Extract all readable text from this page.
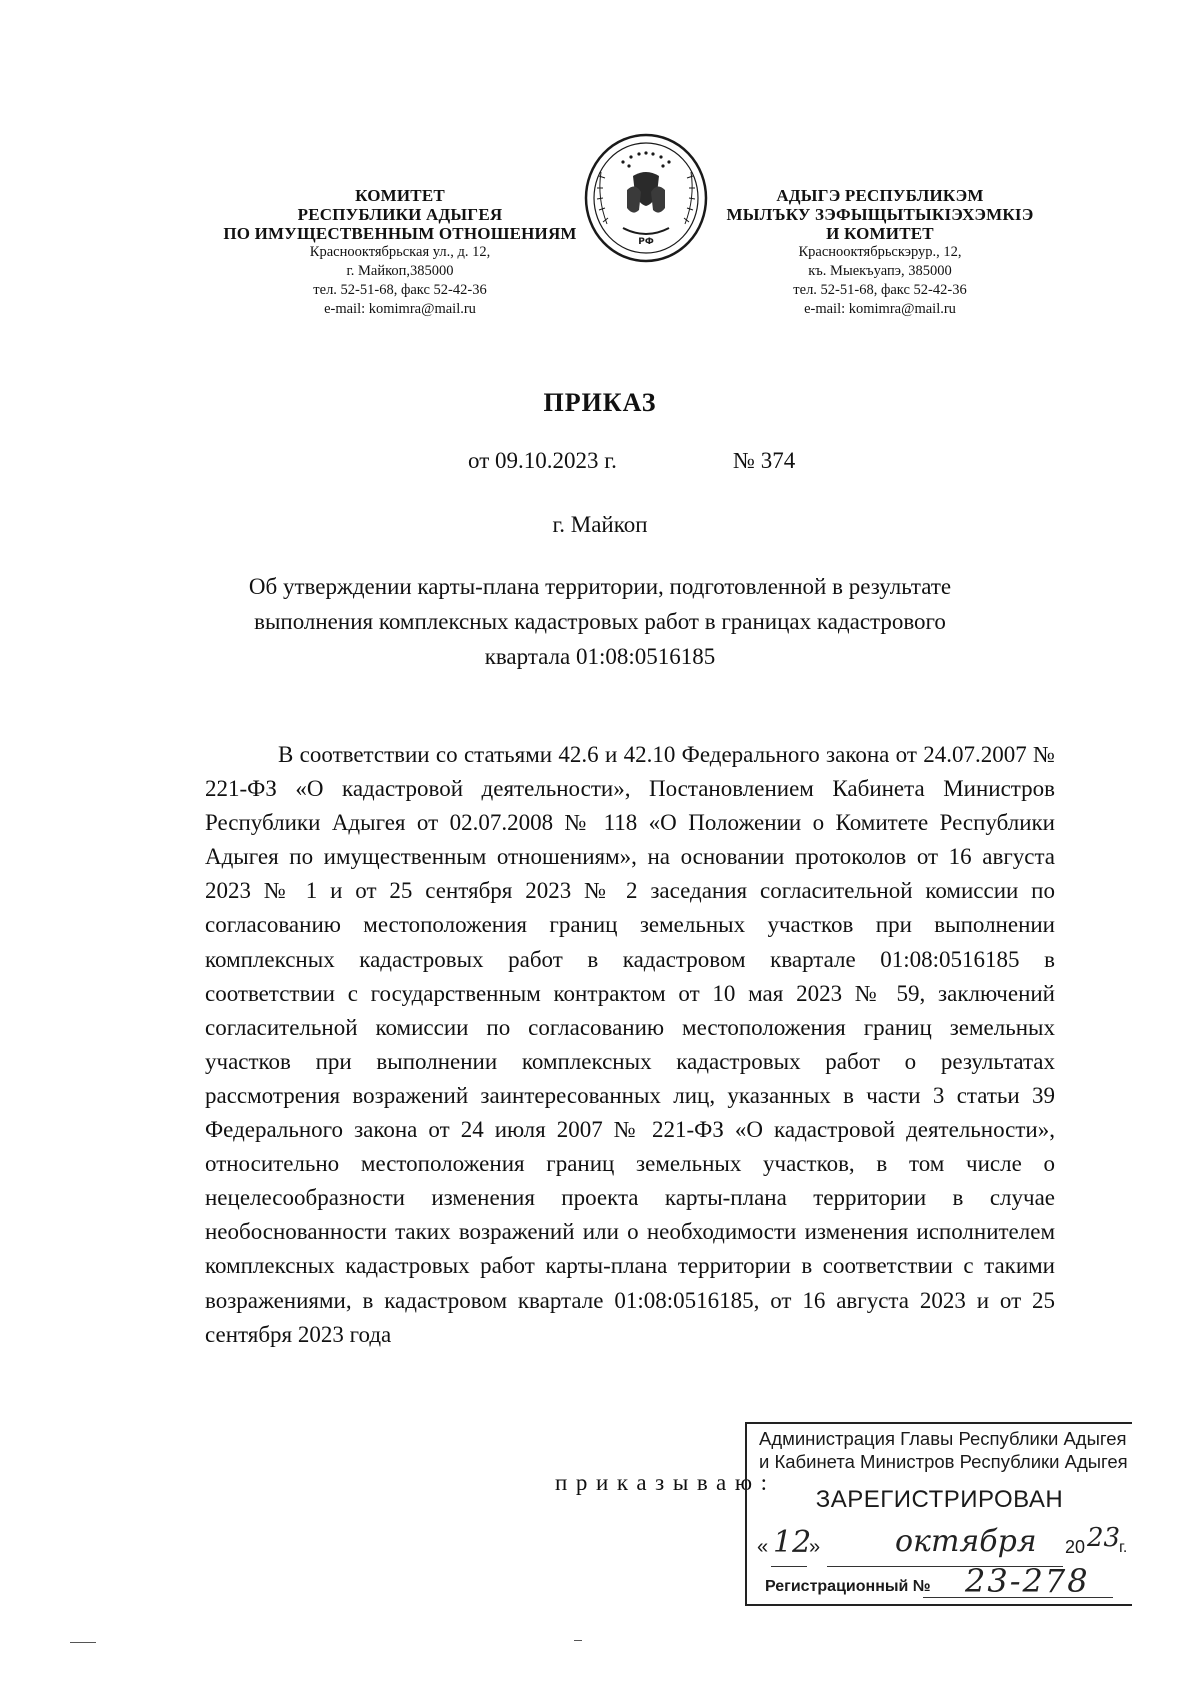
КОМИТЕТ
РЕСПУБЛИКИ АДЫГЕЯ
ПО ИМУЩЕСТВЕННЫМ ОТНОШЕНИЯМ
Краснооктябрьская ул., д. 12,
г. Майкоп,385000
тел. 52-51-68, факс 52-42-36
e-mail: komimra@mail.ru
РФ
АДЫГЭ РЕСПУБЛИКЭМ
МЫЛЪКУ ЗЭФЫЩЫТЫКIЭХЭМКIЭ
И КОМИТЕТ
Краснооктябрьскэрур., 12,
къ. Мыекъуапэ, 385000
тел. 52-51-68, факс 52-42-36
e-mail: komimra@mail.ru
ПРИКАЗ
от 09.10.2023 г.	№ 374
г. Майкоп
Об утверждении карты-плана территории, подготовленной в результате
выполнения комплексных кадастровых работ в границах кадастрового
квартала 01:08:0516185
В соответствии со статьями 42.6 и 42.10 Федерального закона от 24.07.2007 № 221-ФЗ «О кадастровой деятельности», Постановлением Кабинета Министров Республики Адыгея от 02.07.2008 № 118 «О Положении о Комитете Республики Адыгея по имущественным отношениям», на основании протоколов от 16 августа 2023 № 1 и от 25 сентября 2023 № 2 заседания согласительной комиссии по согласованию местоположения границ земельных участков при выполнении комплексных кадастровых работ в кадастровом квартале 01:08:0516185 в соответствии с государственным контрактом от 10 мая 2023 № 59, заключений согласительной комиссии по согласованию местоположения границ земельных участков при выполнении комплексных кадастровых работ о результатах рассмотрения возражений заинтересованных лиц, указанных в части 3 статьи 39 Федерального закона от 24 июля 2007 № 221-ФЗ «О кадастровой деятельности», относительно местоположения границ земельных участков, в том числе о нецелесообразности изменения проекта карты-плана территории в случае необоснованности таких возражений или о необходимости изменения исполнителем комплексных кадастровых работ карты-плана территории в соответствии с такими возражениями, в кадастровом квартале 01:08:0516185, от 16 августа 2023 и от 25 сентября 2023 года
приказываю:
Администрация Главы Республики Адыгея
и Кабинета Министров Республики Адыгея
ЗАРЕГИСТРИРОВАН
« 12
» октября 20 23
г.
Регистрационный № 23-278
